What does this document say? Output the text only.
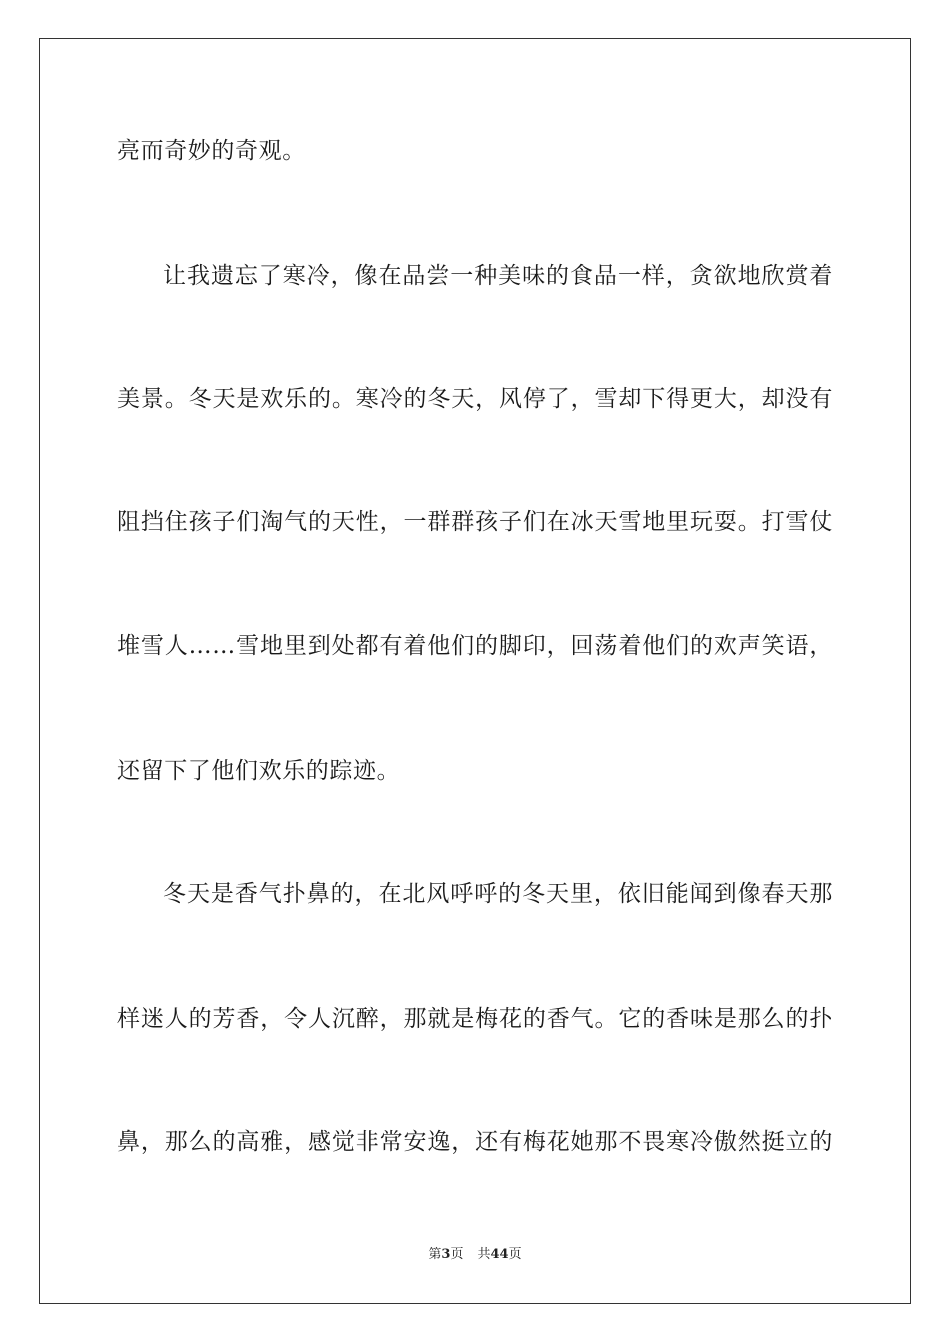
亮而奇妙的奇观。
让我遗忘了寒冷，像在品尝一种美味的食品一样，贪欲地欣赏着
美景。冬天是欢乐的。寒冷的冬天，风停了，雪却下得更大，却没有
阻挡住孩子们淘气的天性，一群群孩子们在冰天雪地里玩耍。打雪仗
堆雪人……雪地里到处都有着他们的脚印，回荡着他们的欢声笑语，
还留下了他们欢乐的踪迹。
冬天是香气扑鼻的，在北风呼呼的冬天里，依旧能闻到像春天那
样迷人的芳香，令人沉醉，那就是梅花的香气。它的香味是那么的扑
鼻，那么的高雅，感觉非常安逸，还有梅花她那不畏寒冷傲然挺立的
第3页 共44页
